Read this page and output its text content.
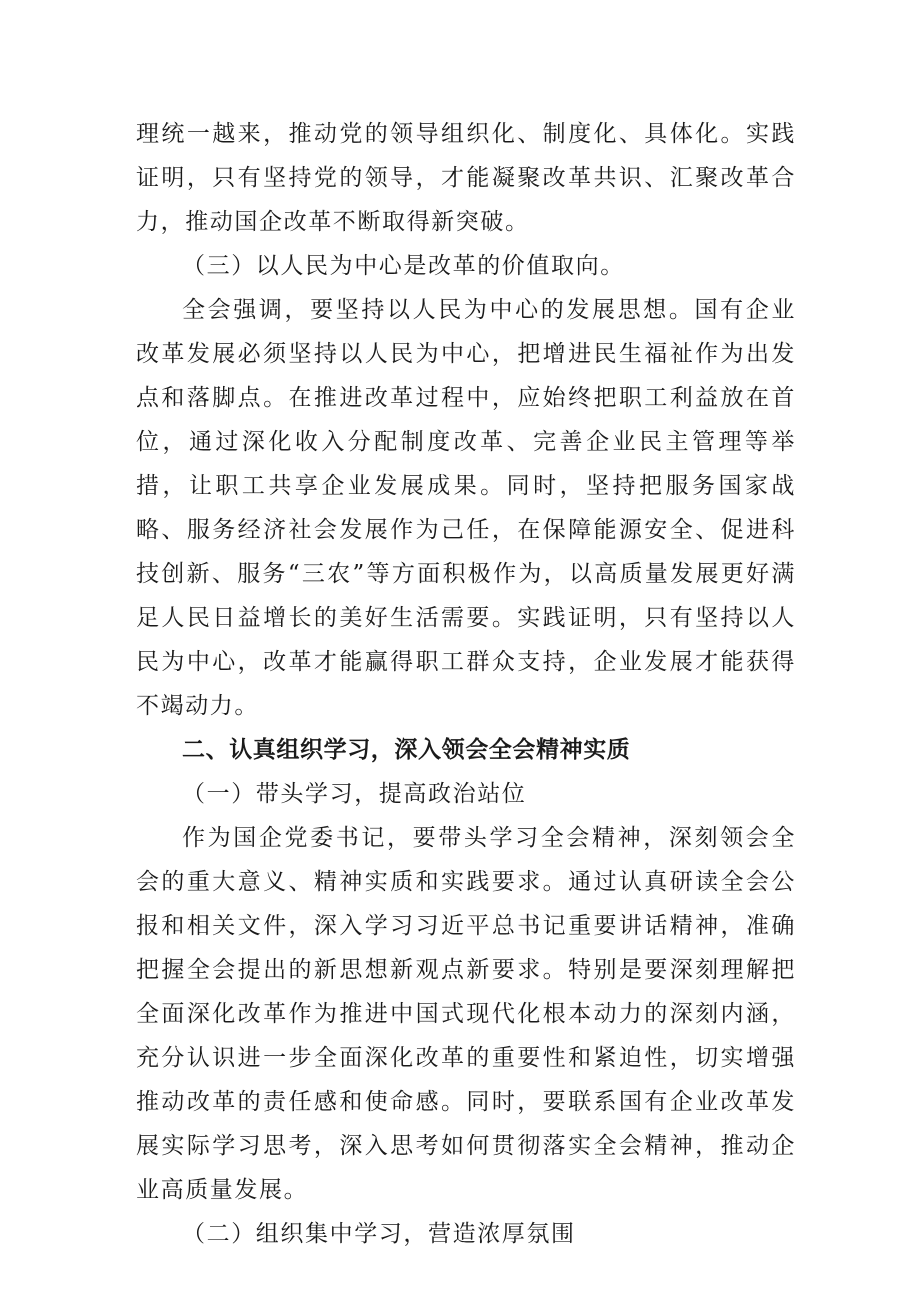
理统一越来，推动党的领导组织化、制度化、具体化。实践证明，只有坚持党的领导，才能凝聚改革共识、汇聚改革合力，推动国企改革不断取得新突破。

（三）以人民为中心是改革的价值取向。

全会强调，要坚持以人民为中心的发展思想。国有企业改革发展必须坚持以人民为中心，把增进民生福祉作为出发点和落脚点。在推进改革过程中，应始终把职工利益放在首位，通过深化收入分配制度改革、完善企业民主管理等举措，让职工共享企业发展成果。同时，坚持把服务国家战略、服务经济社会发展作为己任，在保障能源安全、促进科技创新、服务“三农”等方面积极作为，以高质量发展更好满足人民日益增长的美好生活需要。实践证明，只有坚持以人民为中心，改革才能赢得职工群众支持，企业发展才能获得不竭动力。

二、认真组织学习，深入领会全会精神实质

（一）带头学习，提高政治站位

作为国企党委书记，要带头学习全会精神，深刻领会全会的重大意义、精神实质和实践要求。通过认真研读全会公报和相关文件，深入学习习近平总书记重要讲话精神，准确把握全会提出的新思想新观点新要求。特别是要深刻理解把全面深化改革作为推进中国式现代化根本动力的深刻内涵，充分认识进一步全面深化改革的重要性和紧迫性，切实增强推动改革的责任感和使命感。同时，要联系国有企业改革发展实际学习思考，深入思考如何贯彻落实全会精神，推动企业高质量发展。

（二）组织集中学习，营造浓厚氛围
